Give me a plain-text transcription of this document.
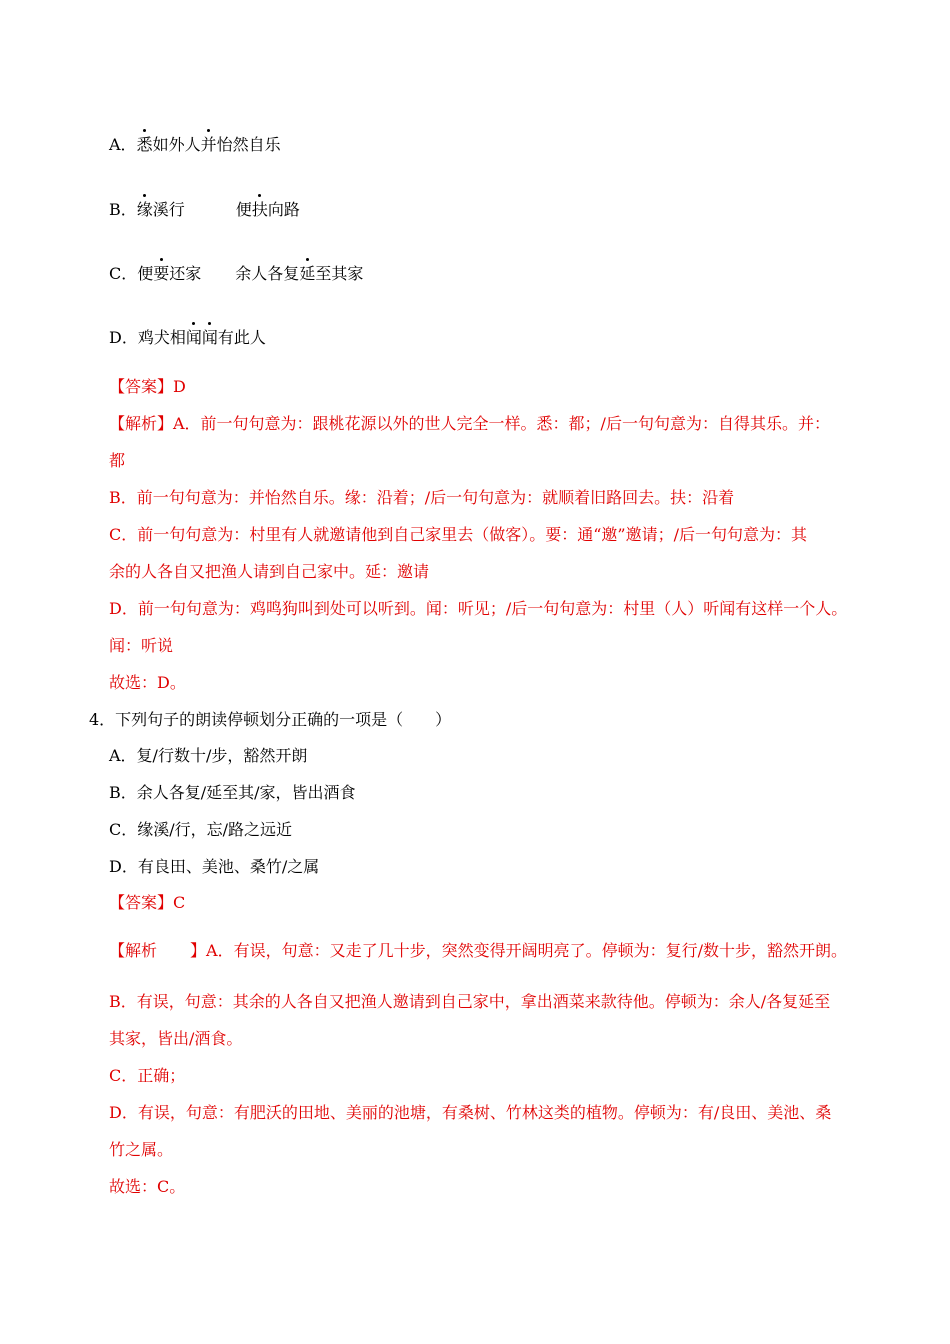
A．悉如外人并怡然自乐
B．缘溪行	便扶向路
C．便要还家 余人各复延至其家
D．鸡犬相闻闻有此人
【答案】D
【解析】A．前一句句意为：跟桃花源以外的世人完全一样。悉：都；/后一句句意为：自得其乐。并：
都
B．前一句句意为：并怡然自乐。缘：沿着；/后一句句意为：就顺着旧路回去。扶：沿着
C．前一句句意为：村里有人就邀请他到自己家里去（做客）。要：通“邀”邀请；/后一句句意为：其
余的人各自又把渔人请到自己家中。延：邀请
D．前一句句意为：鸡鸣狗叫到处可以听到。闻：听见；/后一句句意为：村里（人）听闻有这样一个人。
闻：听说
故选：D。
4．下列句子的朗读停顿划分正确的一项是（　　）
A．复/行数十/步，豁然开朗
B．余人各复/延至其/家，皆出酒食
C．缘溪/行，忘/路之远近
D．有良田、美池、桑竹/之属
【答案】C
【解析 】A．有误，句意：又走了几十步，突然变得开阔明亮了。停顿为：复行/数十步，豁然开朗。
B．有误，句意：其余的人各自又把渔人邀请到自己家中，拿出酒菜来款待他。停顿为：余人/各复延至
其家，皆出/酒食。
C．正确；
D．有误，句意：有肥沃的田地、美丽的池塘，有桑树、竹林这类的植物。停顿为：有/良田、美池、桑
竹之属。
故选：C。
